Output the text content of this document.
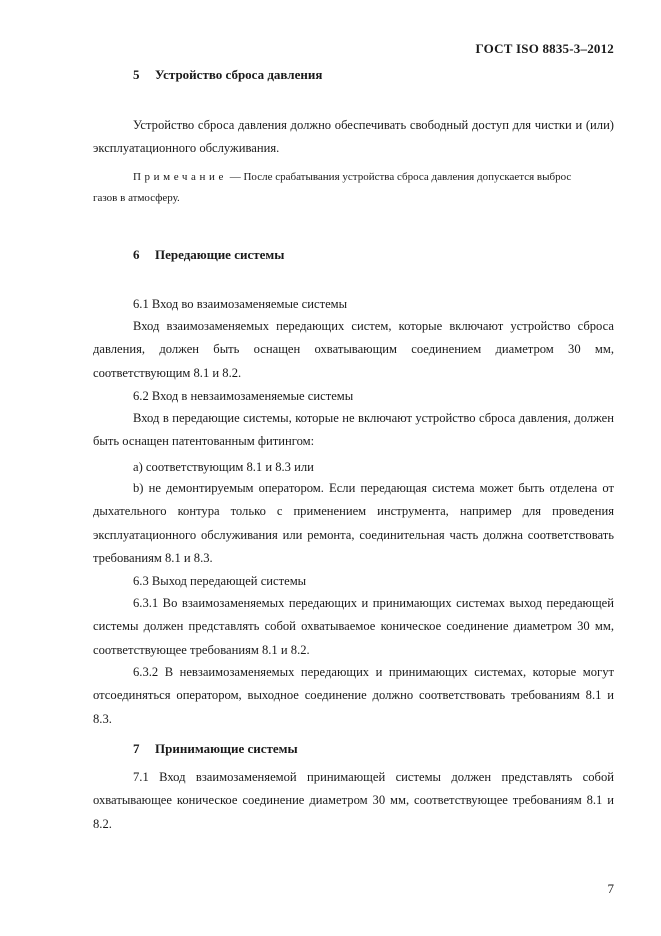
ГОСТ ISO 8835-3–2012
5 Устройство сброса давления

Устройство сброса давления должно обеспечивать свободный доступ для чистки и (или) эксплуатационного обслуживания.

Примечание — После срабатывания устройства сброса давления допускается выброс
газов в атмосферу.
6 Передающие системы
6.1 Вход во взаимозаменяемые системы

Вход взаимозаменяемых передающих систем, которые включают устройство сброса давления, должен быть оснащен охватывающим соединением диаметром 30 мм, соответствующим 8.1 и 8.2.

6.2 Вход в невзаимозаменяемые системы

Вход в передающие системы, которые не включают устройство сброса давления, должен быть оснащен патентованным фитингом:

a) соответствующим 8.1 и 8.3 или

b) не демонтируемым оператором. Если передающая система может быть отделена от дыхательного контура только с применением инструмента, например для проведения эксплуатационного обслуживания или ремонта, соединительная часть должна соответствовать требованиям 8.1 и 8.3.

6.3 Выход передающей системы

6.3.1 Во взаимозаменяемых передающих и принимающих системах выход передающей системы должен представлять собой охватываемое коническое соединение диаметром 30 мм, соответствующее требованиям 8.1 и 8.2.

6.3.2 В невзаимозаменяемых передающих и принимающих системах, которые могут отсоединяться оператором, выходное соединение должно соответствовать требованиям 8.1 и 8.3.

7 Принимающие системы

7.1 Вход взаимозаменяемой принимающей системы должен представлять собой охватывающее коническое соединение диаметром 30 мм, соответствующее требованиям 8.1 и 8.2.

7
